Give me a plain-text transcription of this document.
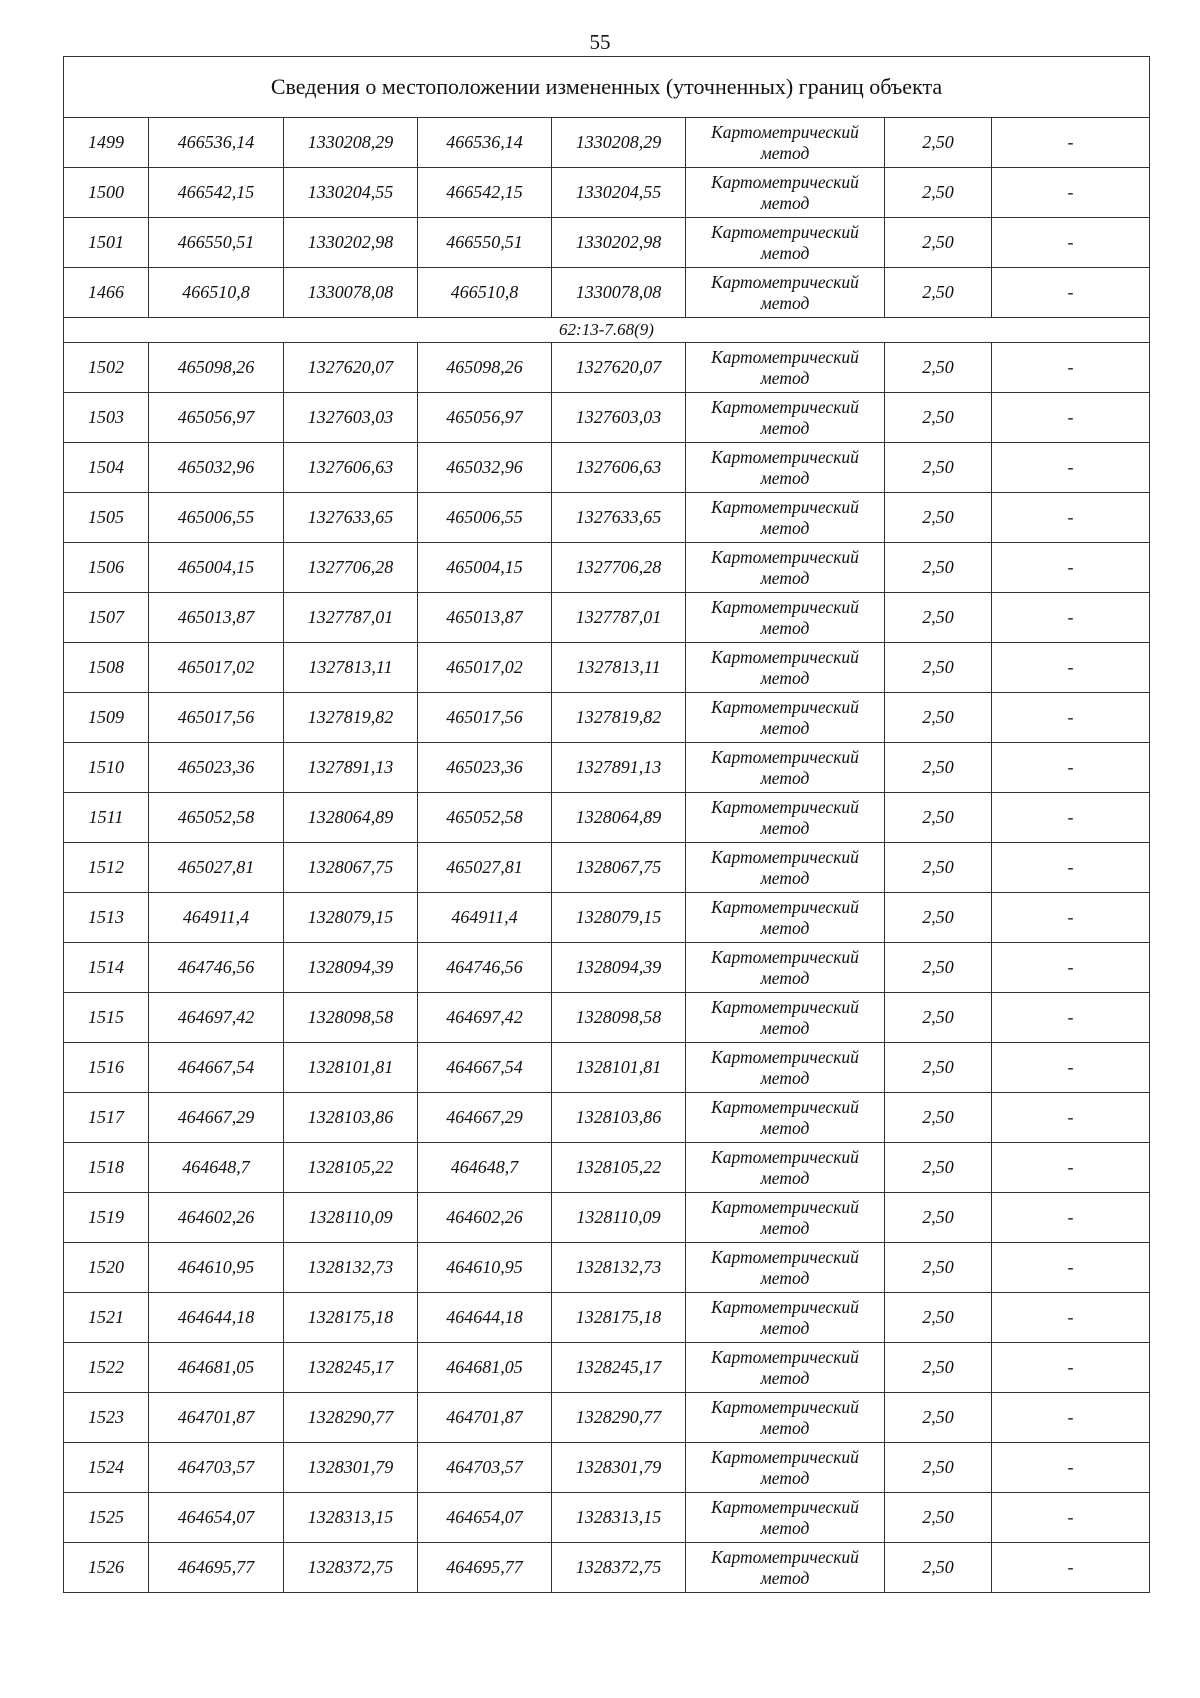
55
Сведения о местоположении измененных (уточненных) границ объекта							
1499	466536,14	1330208,29	466536,14	1330208,29	Картометрический метод	2,50	-
1500	466542,15	1330204,55	466542,15	1330204,55	Картометрический метод	2,50	-
1501	466550,51	1330202,98	466550,51	1330202,98	Картометрический метод	2,50	-
1466	466510,8	1330078,08	466510,8	1330078,08	Картометрический метод	2,50	-
62:13-7.68(9)							
1502	465098,26	1327620,07	465098,26	1327620,07	Картометрический метод	2,50	-
1503	465056,97	1327603,03	465056,97	1327603,03	Картометрический метод	2,50	-
1504	465032,96	1327606,63	465032,96	1327606,63	Картометрический метод	2,50	-
1505	465006,55	1327633,65	465006,55	1327633,65	Картометрический метод	2,50	-
1506	465004,15	1327706,28	465004,15	1327706,28	Картометрический метод	2,50	-
1507	465013,87	1327787,01	465013,87	1327787,01	Картометрический метод	2,50	-
1508	465017,02	1327813,11	465017,02	1327813,11	Картометрический метод	2,50	-
1509	465017,56	1327819,82	465017,56	1327819,82	Картометрический метод	2,50	-
1510	465023,36	1327891,13	465023,36	1327891,13	Картометрический метод	2,50	-
1511	465052,58	1328064,89	465052,58	1328064,89	Картометрический метод	2,50	-
1512	465027,81	1328067,75	465027,81	1328067,75	Картометрический метод	2,50	-
1513	464911,4	1328079,15	464911,4	1328079,15	Картометрический метод	2,50	-
1514	464746,56	1328094,39	464746,56	1328094,39	Картометрический метод	2,50	-
1515	464697,42	1328098,58	464697,42	1328098,58	Картометрический метод	2,50	-
1516	464667,54	1328101,81	464667,54	1328101,81	Картометрический метод	2,50	-
1517	464667,29	1328103,86	464667,29	1328103,86	Картометрический метод	2,50	-
1518	464648,7	1328105,22	464648,7	1328105,22	Картометрический метод	2,50	-
1519	464602,26	1328110,09	464602,26	1328110,09	Картометрический метод	2,50	-
1520	464610,95	1328132,73	464610,95	1328132,73	Картометрический метод	2,50	-
1521	464644,18	1328175,18	464644,18	1328175,18	Картометрический метод	2,50	-
1522	464681,05	1328245,17	464681,05	1328245,17	Картометрический метод	2,50	-
1523	464701,87	1328290,77	464701,87	1328290,77	Картометрический метод	2,50	-
1524	464703,57	1328301,79	464703,57	1328301,79	Картометрический метод	2,50	-
1525	464654,07	1328313,15	464654,07	1328313,15	Картометрический метод	2,50	-
1526	464695,77	1328372,75	464695,77	1328372,75	Картометрический метод	2,50	-
